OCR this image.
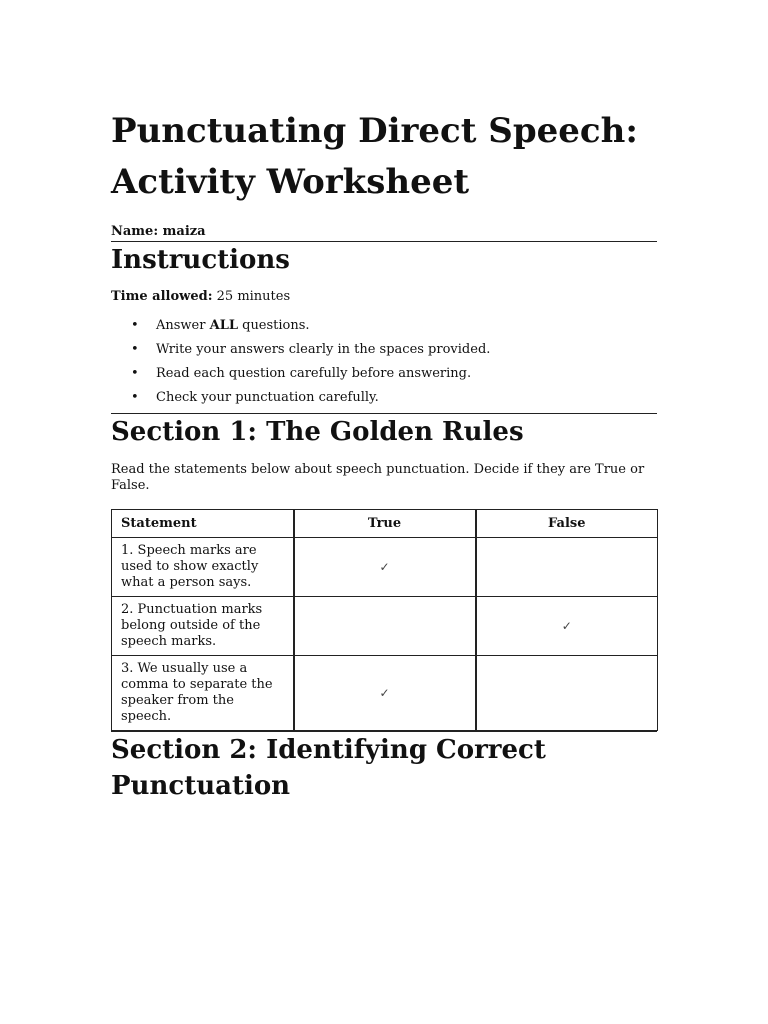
Punctuating Direct Speech:
Activity Worksheet
Name: maiza
Instructions
Time allowed: 25 minutes
• Answer ALL questions.
• Write your answers clearly in the spaces provided.
• Read each question carefully before answering.
• Check your punctuation carefully.
Section 1: The Golden Rules
Read the statements below about speech punctuation. Decide if they are True or False.
Statement	True	False
1. Speech marks are used to show exactly what a person says.	✓	
2. Punctuation marks belong outside of the speech marks.		✓
3. We usually use a comma to separate the speaker from the speech.	✓	
Section 2: Identifying Correct
Punctuation
